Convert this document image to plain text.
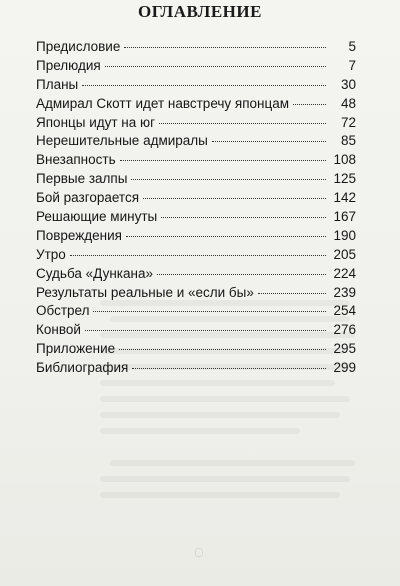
ОГЛАВЛЕНИЕ
Предисловие	5
Прелюдия	7
Планы	30
Адмирал Скотт идет навстречу японцам	48
Японцы идут на юг	72
Нерешительные адмиралы	85
Внезапность	108
Первые залпы	125
Бой разгорается	142
Решающие минуты	167
Повреждения	190
Утро	205
Судьба «Дункана»	224
Результаты реальные и «если бы»	239
Обстрел	254
Конвой	276
Приложение	295
Библиография	299
